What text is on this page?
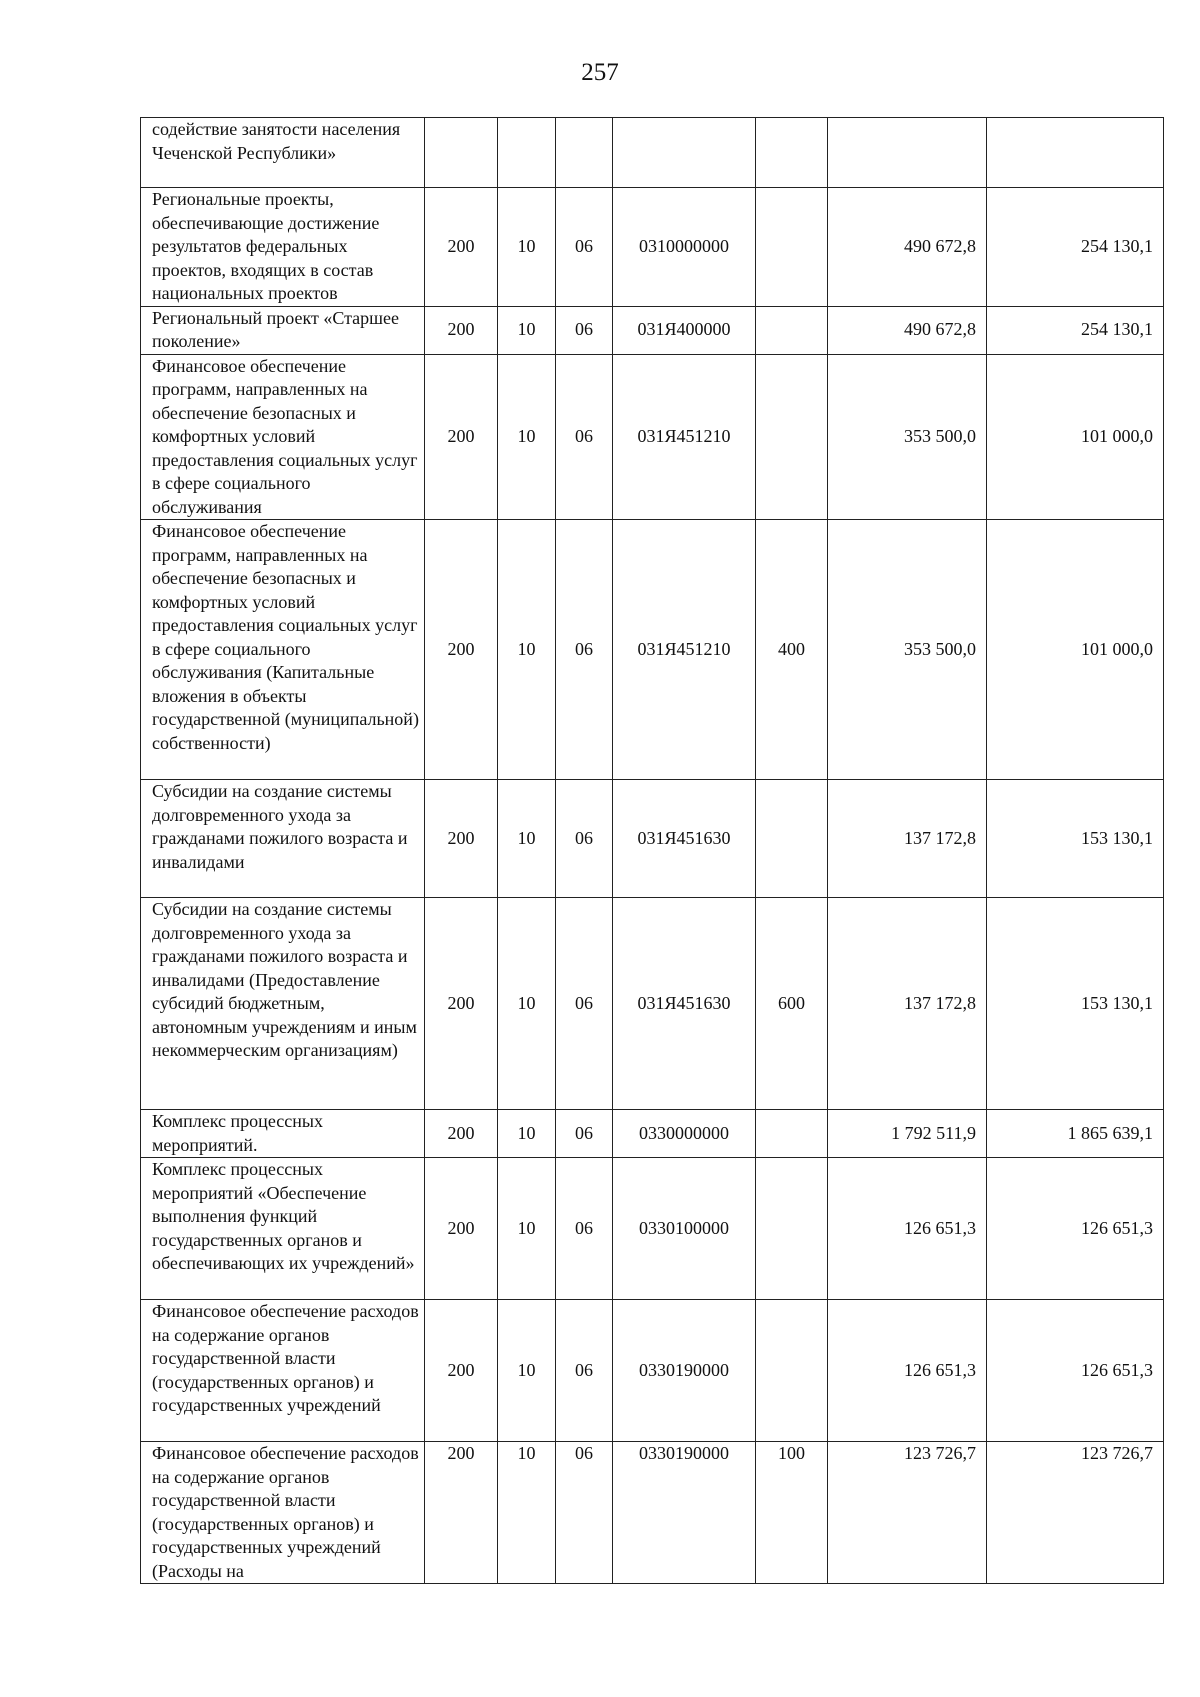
257
содействие занятости населения Чеченской Республики»							
Региональные проекты, обеспечивающие достижение результатов федеральных проектов, входящих в состав национальных проектов	200	10	06	0310000000		490 672,8	254 130,1
Региональный проект «Старшее поколение»	200	10	06	031Я400000		490 672,8	254 130,1
Финансовое обеспечение программ, направленных на обеспечение безопасных и комфортных условий предоставления социальных услуг в сфере социального обслуживания	200	10	06	031Я451210		353 500,0	101 000,0
Финансовое обеспечение программ, направленных на обеспечение безопасных и комфортных условий предоставления социальных услуг в сфере социального обслуживания (Капитальные вложения в объекты государственной (муниципальной) собственности)	200	10	06	031Я451210	400	353 500,0	101 000,0
Субсидии на создание системы долговременного ухода за гражданами пожилого возраста и инвалидами	200	10	06	031Я451630		137 172,8	153 130,1
Субсидии на создание системы долговременного ухода за гражданами пожилого возраста и инвалидами (Предоставление субсидий бюджетным, автономным учреждениям и иным некоммерческим организациям)	200	10	06	031Я451630	600	137 172,8	153 130,1
Комплекс процессных мероприятий.	200	10	06	0330000000		1 792 511,9	1 865 639,1
Комплекс процессных мероприятий «Обеспечение выполнения функций государственных органов и обеспечивающих их учреждений»	200	10	06	0330100000		126 651,3	126 651,3
Финансовое обеспечение расходов на содержание органов государственной власти (государственных органов) и государственных учреждений	200	10	06	0330190000		126 651,3	126 651,3
Финансовое обеспечение расходов на содержание органов государственной власти (государственных органов) и государственных учреждений (Расходы на	200	10	06	0330190000	100	123 726,7	123 726,7
